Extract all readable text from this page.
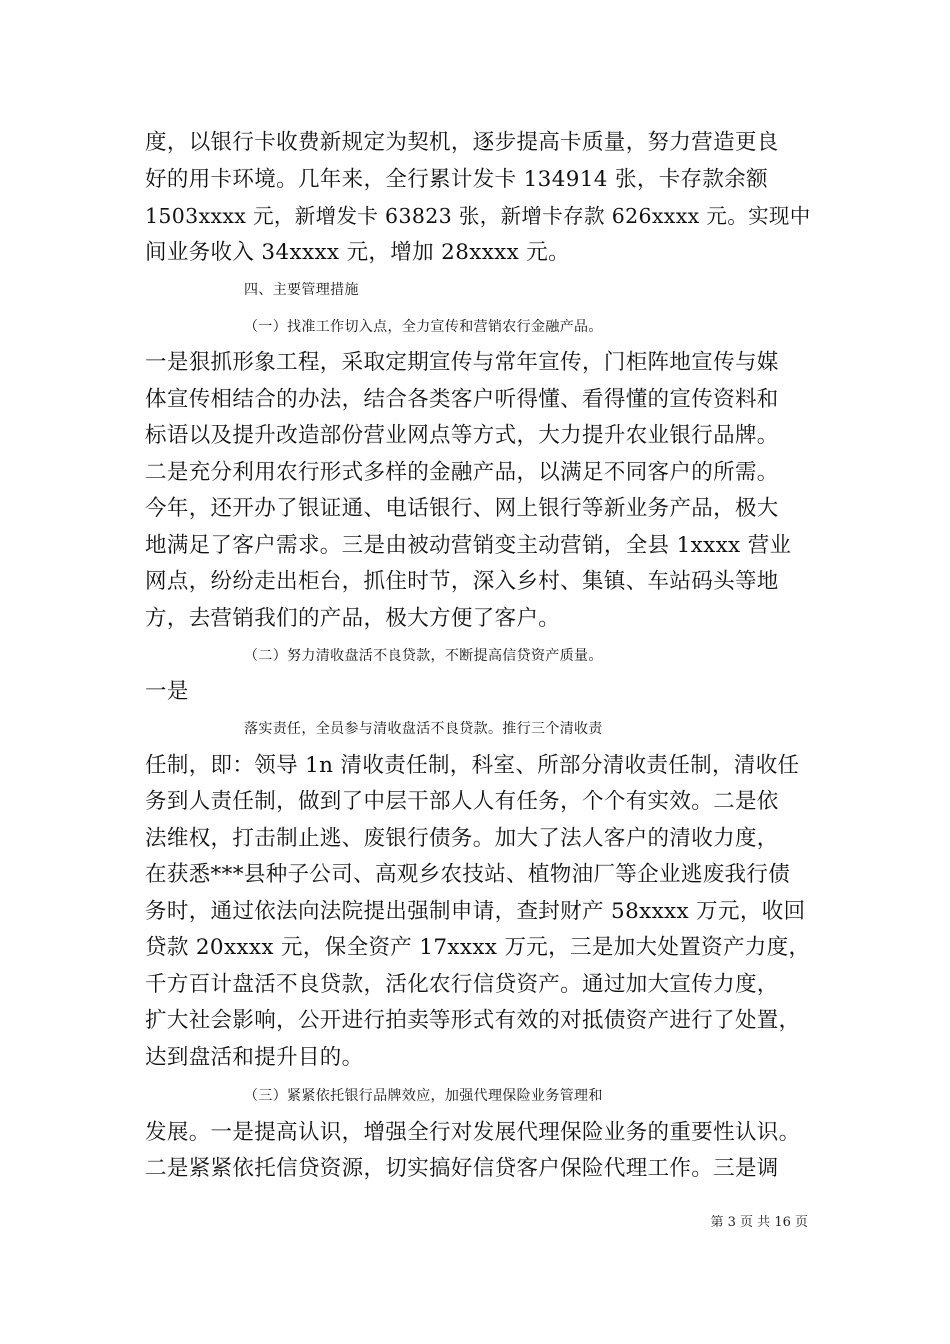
度，以银行卡收费新规定为契机，逐步提高卡质量，努力营造更良
好的用卡环境。几年来，全行累计发卡 134914 张，卡存款余额
1503xxxx 元，新增发卡 63823 张，新增卡存款 626xxxx 元。实现中
间业务收入 34xxxx 元，增加 28xxxx 元。
四、主要管理措施
（一）找准工作切入点，全力宣传和营销农行金融产品。
一是狠抓形象工程，采取定期宣传与常年宣传，门柜阵地宣传与媒
体宣传相结合的办法，结合各类客户听得懂、看得懂的宣传资料和
标语以及提升改造部份营业网点等方式，大力提升农业银行品牌。
二是充分利用农行形式多样的金融产品，以满足不同客户的所需。
今年，还开办了银证通、电话银行、网上银行等新业务产品，极大
地满足了客户需求。三是由被动营销变主动营销，全县 1xxxx 营业
网点，纷纷走出柜台，抓住时节，深入乡村、集镇、车站码头等地
方，去营销我们的产品，极大方便了客户。
（二）努力清收盘活不良贷款，不断提高信贷资产质量。
一是
落实责任，全员参与清收盘活不良贷款。推行三个清收责
任制，即：领导 1n 清收责任制，科室、所部分清收责任制，清收任
务到人责任制，做到了中层干部人人有任务，个个有实效。二是依
法维权，打击制止逃、废银行债务。加大了法人客户的清收力度，
在获悉***县种子公司、高观乡农技站、植物油厂等企业逃废我行债
务时，通过依法向法院提出强制申请，查封财产 58xxxx 万元，收回
贷款 20xxxx 元，保全资产 17xxxx 万元，三是加大处置资产力度，
千方百计盘活不良贷款，活化农行信贷资产。通过加大宣传力度，
扩大社会影响，公开进行拍卖等形式有效的对抵债资产进行了处置，
达到盘活和提升目的。
（三）紧紧依托银行品牌效应，加强代理保险业务管理和
发展。一是提高认识，增强全行对发展代理保险业务的重要性认识。
二是紧紧依托信贷资源，切实搞好信贷客户保险代理工作。三是调
第 3 页 共 16 页
